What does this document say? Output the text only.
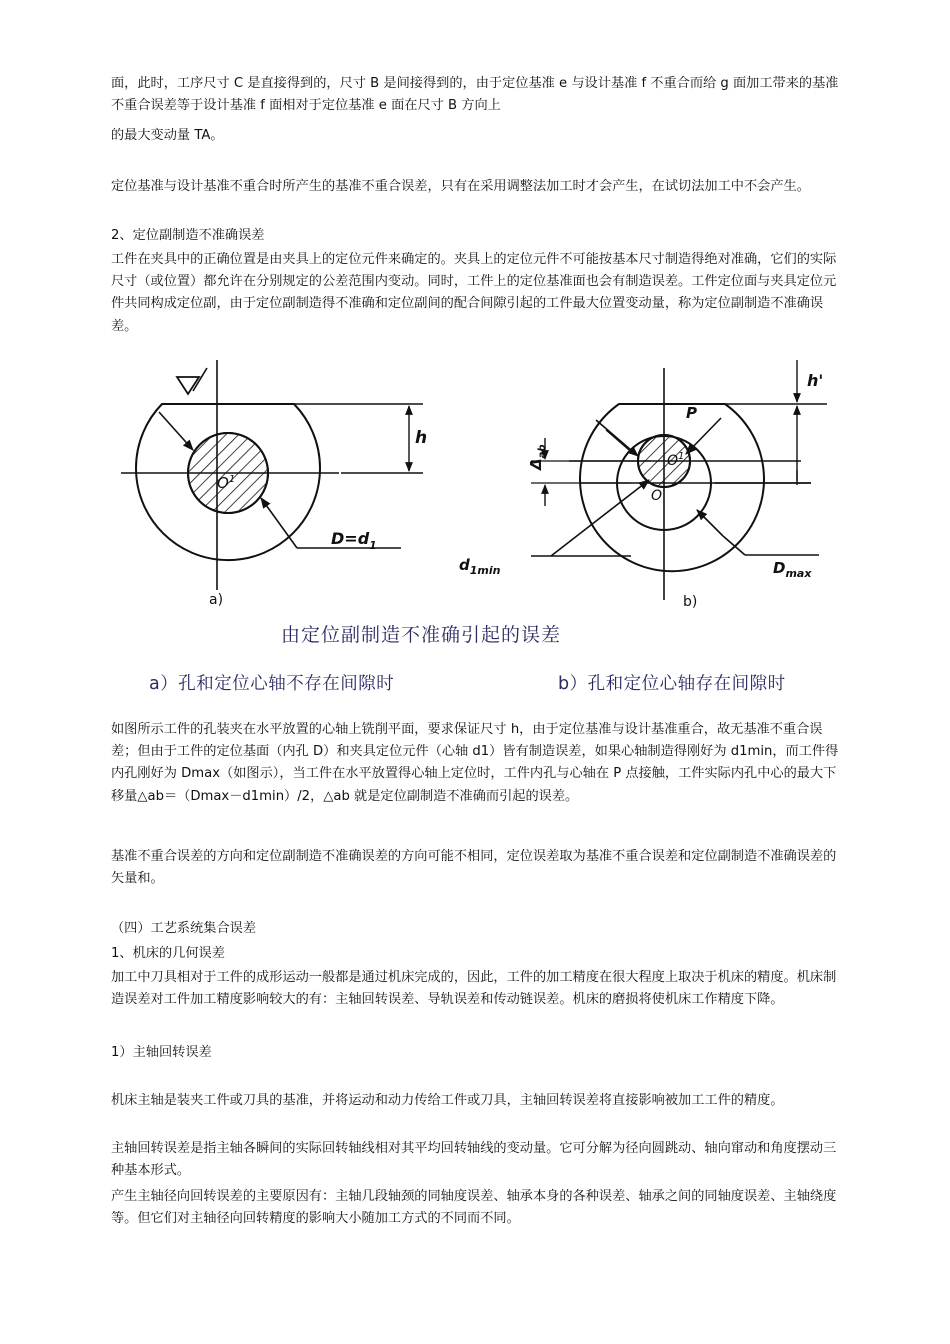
面，此时，工序尺寸 C 是直接得到的，尺寸 B 是间接得到的，由于定位基准 e 与设计基准 f 不重合而给 g 面加工带来的基准不重合误差等于设计基准 f 面相对于定位基准 e 面在尺寸 B 方向上

的最大变动量 TA。

定位基准与设计基准不重合时所产生的基准不重合误差，只有在采用调整法加工时才会产生，在试切法加工中不会产生。

2、定位副制造不准确误差

工件在夹具中的正确位置是由夹具上的定位元件来确定的。夹具上的定位元件不可能按基本尺寸制造得绝对准确，它们的实际尺寸（或位置）都允许在分别规定的公差范围内变动。同时，工件上的定位基准面也会有制造误差。工件定位面与夹具定位元件共同构成定位副，由于定位副制造得不准确和定位副间的配合间隙引起的工件最大位置变动量，称为定位副制造不准确误差。

h
$O^1$
$D=d_1$
a)
P
h'
$O^1$
O
$\Delta_{ab}$
$d_{1min}$	$D_{max}$
b)
由定位副制造不准确引起的误差
a）孔和定位心轴不存在间隙时	b）孔和定位心轴存在间隙时

如图所示工件的孔装夹在水平放置的心轴上铣削平面，要求保证尺寸 h，由于定位基准与设计基准重合，故无基准不重合误差；但由于工件的定位基面（内孔 D）和夹具定位元件（心轴 d1）皆有制造误差，如果心轴制造得刚好为 d1min，而工件得内孔刚好为 Dmax（如图示），当工件在水平放置得心轴上定位时，工件内孔与心轴在 P 点接触，工件实际内孔中心的最大下移量△ab＝（Dmax－d1min）/2，△ab 就是定位副制造不准确而引起的误差。

基准不重合误差的方向和定位副制造不准确误差的方向可能不相同，定位误差取为基准不重合误差和定位副制造不准确误差的矢量和。

（四）工艺系统集合误差

1、机床的几何误差

加工中刀具相对于工件的成形运动一般都是通过机床完成的，因此，工件的加工精度在很大程度上取决于机床的精度。机床制造误差对工件加工精度影响较大的有：主轴回转误差、导轨误差和传动链误差。机床的磨损将使机床工作精度下降。

1）主轴回转误差

机床主轴是装夹工件或刀具的基准，并将运动和动力传给工件或刀具，主轴回转误差将直接影响被加工工件的精度。

主轴回转误差是指主轴各瞬间的实际回转轴线相对其平均回转轴线的变动量。它可分解为径向圆跳动、轴向窜动和角度摆动三种基本形式。

产生主轴径向回转误差的主要原因有：主轴几段轴颈的同轴度误差、轴承本身的各种误差、轴承之间的同轴度误差、主轴绕度等。但它们对主轴径向回转精度的影响大小随加工方式的不同而不同。
